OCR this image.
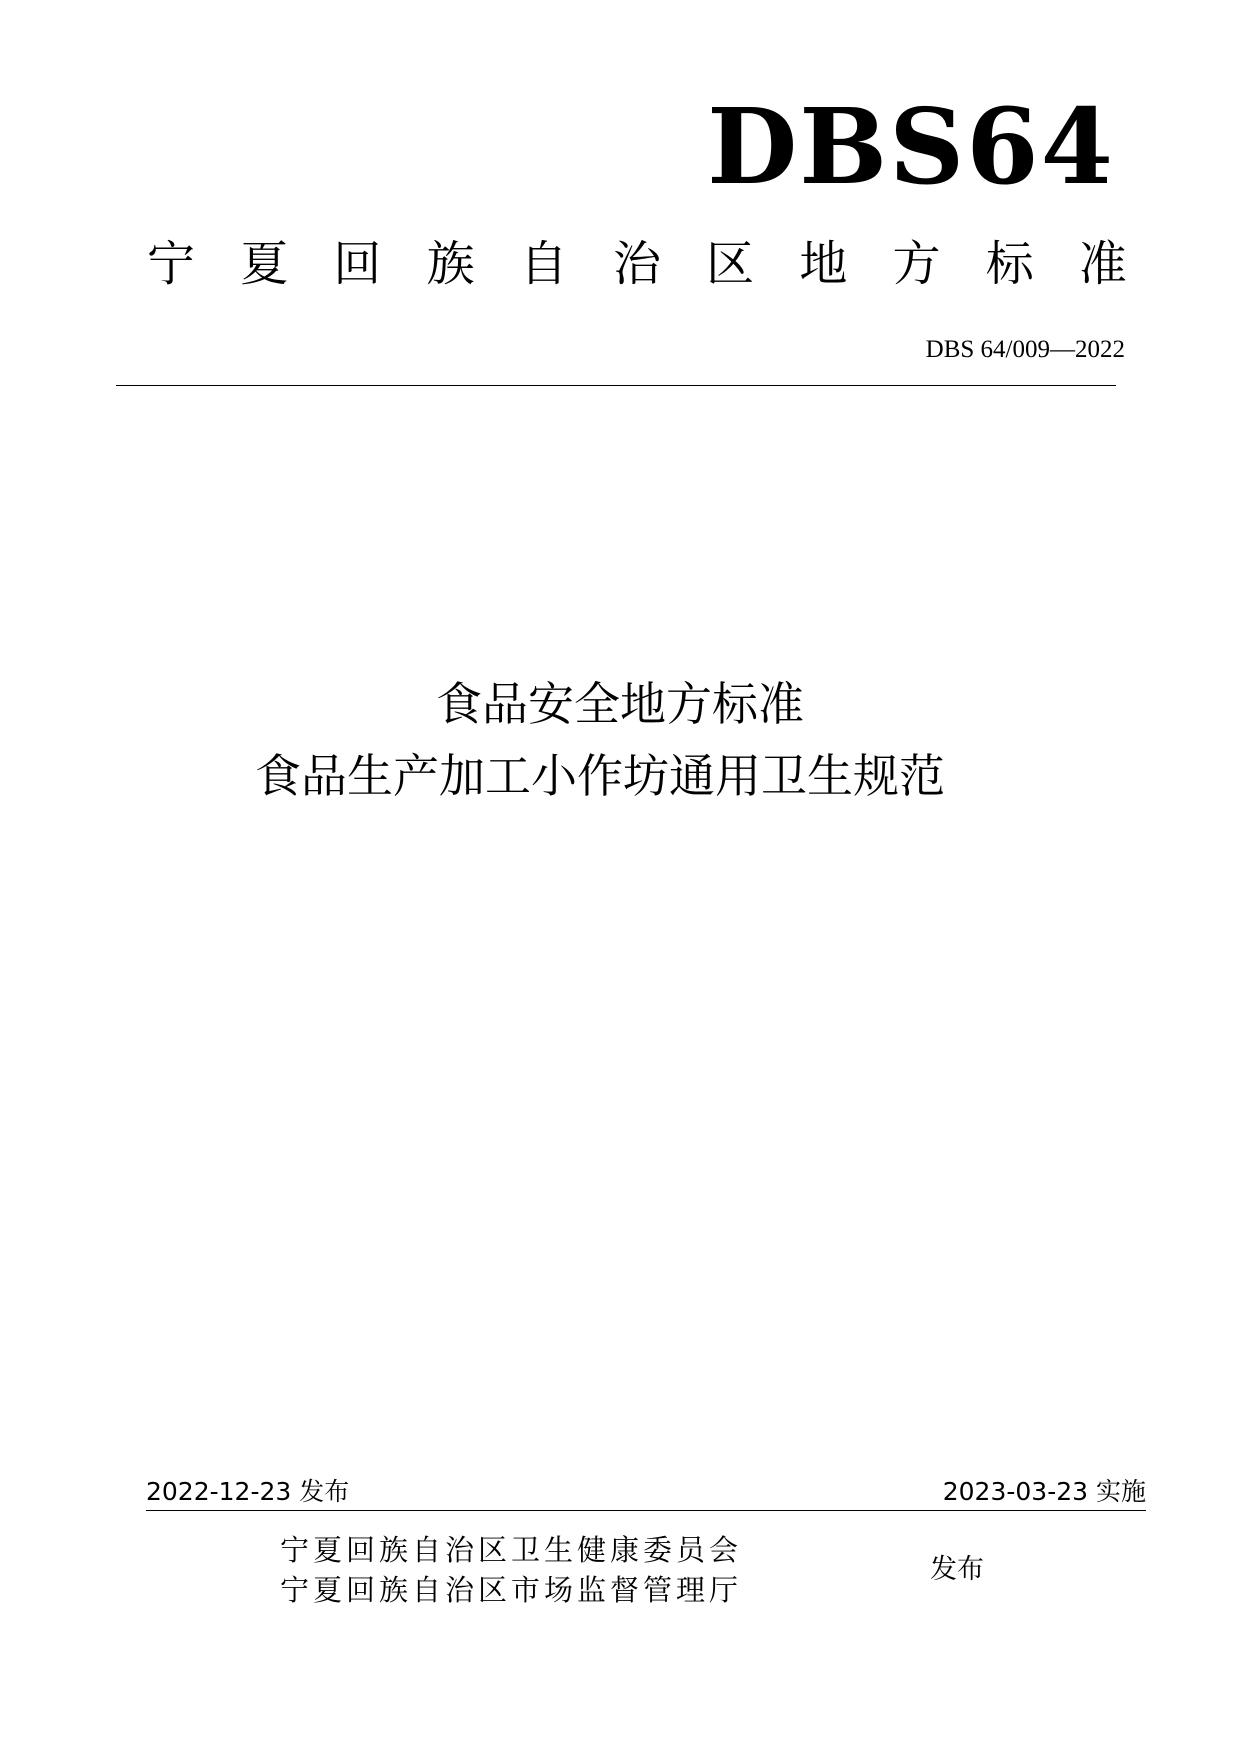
DBS64
宁 夏 回 族 自 治 区 地 方 标 准
DBS 64/009—2022
食品安全地方标准
食品生产加工小作坊通用卫生规范
2022-12-23 发布	2023-03-23 实施
宁夏回族自治区卫生健康委员会
宁夏回族自治区市场监督管理厅
发布
